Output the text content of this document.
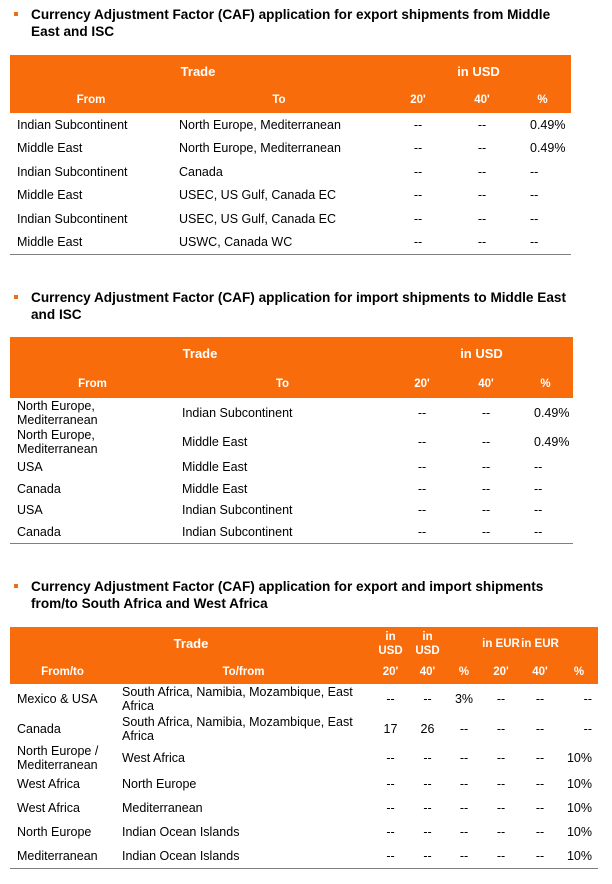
Currency Adjustment Factor (CAF) application for export shipments from Middle East and ISC
Trade		in USD		
From	To	20'	40'	%
Indian Subcontinent	North Europe, Mediterranean	--	--	0.49%
Middle East	North Europe, Mediterranean	--	--	0.49%
Indian Subcontinent	Canada	--	--	--
Middle East	USEC, US Gulf, Canada EC	--	--	--
Indian Subcontinent	USEC, US Gulf, Canada EC	--	--	--
Middle East	USWC, Canada WC	--	--	--
Currency Adjustment Factor (CAF) application for import shipments to Middle East and ISC
Trade		in USD		
From	To	20'	40'	%
North Europe, Mediterranean	Indian Subcontinent	--	--	0.49%
North Europe, Mediterranean	Middle East	--	--	0.49%
USA	Middle East	--	--	--
Canada	Middle East	--	--	--
USA	Indian Subcontinent	--	--	--
Canada	Indian Subcontinent	--	--	--
Currency Adjustment Factor (CAF) application for export and import shipments from/to South Africa and West Africa
Trade		in USD	in USD		in EUR	in EUR	
From/to	To/from	20'	40'	%	20'	40'	%
Mexico & USA	South Africa, Namibia, Mozambique, East Africa	--	--	3%	--	--	--
Canada	South Africa, Namibia, Mozambique, East Africa	17	26	--	--	--	--
North Europe / Mediterranean	West Africa	--	--	--	--	--	10%
West Africa	North Europe	--	--	--	--	--	10%
West Africa	Mediterranean	--	--	--	--	--	10%
North Europe	Indian Ocean Islands	--	--	--	--	--	10%
Mediterranean	Indian Ocean Islands	--	--	--	--	--	10%
